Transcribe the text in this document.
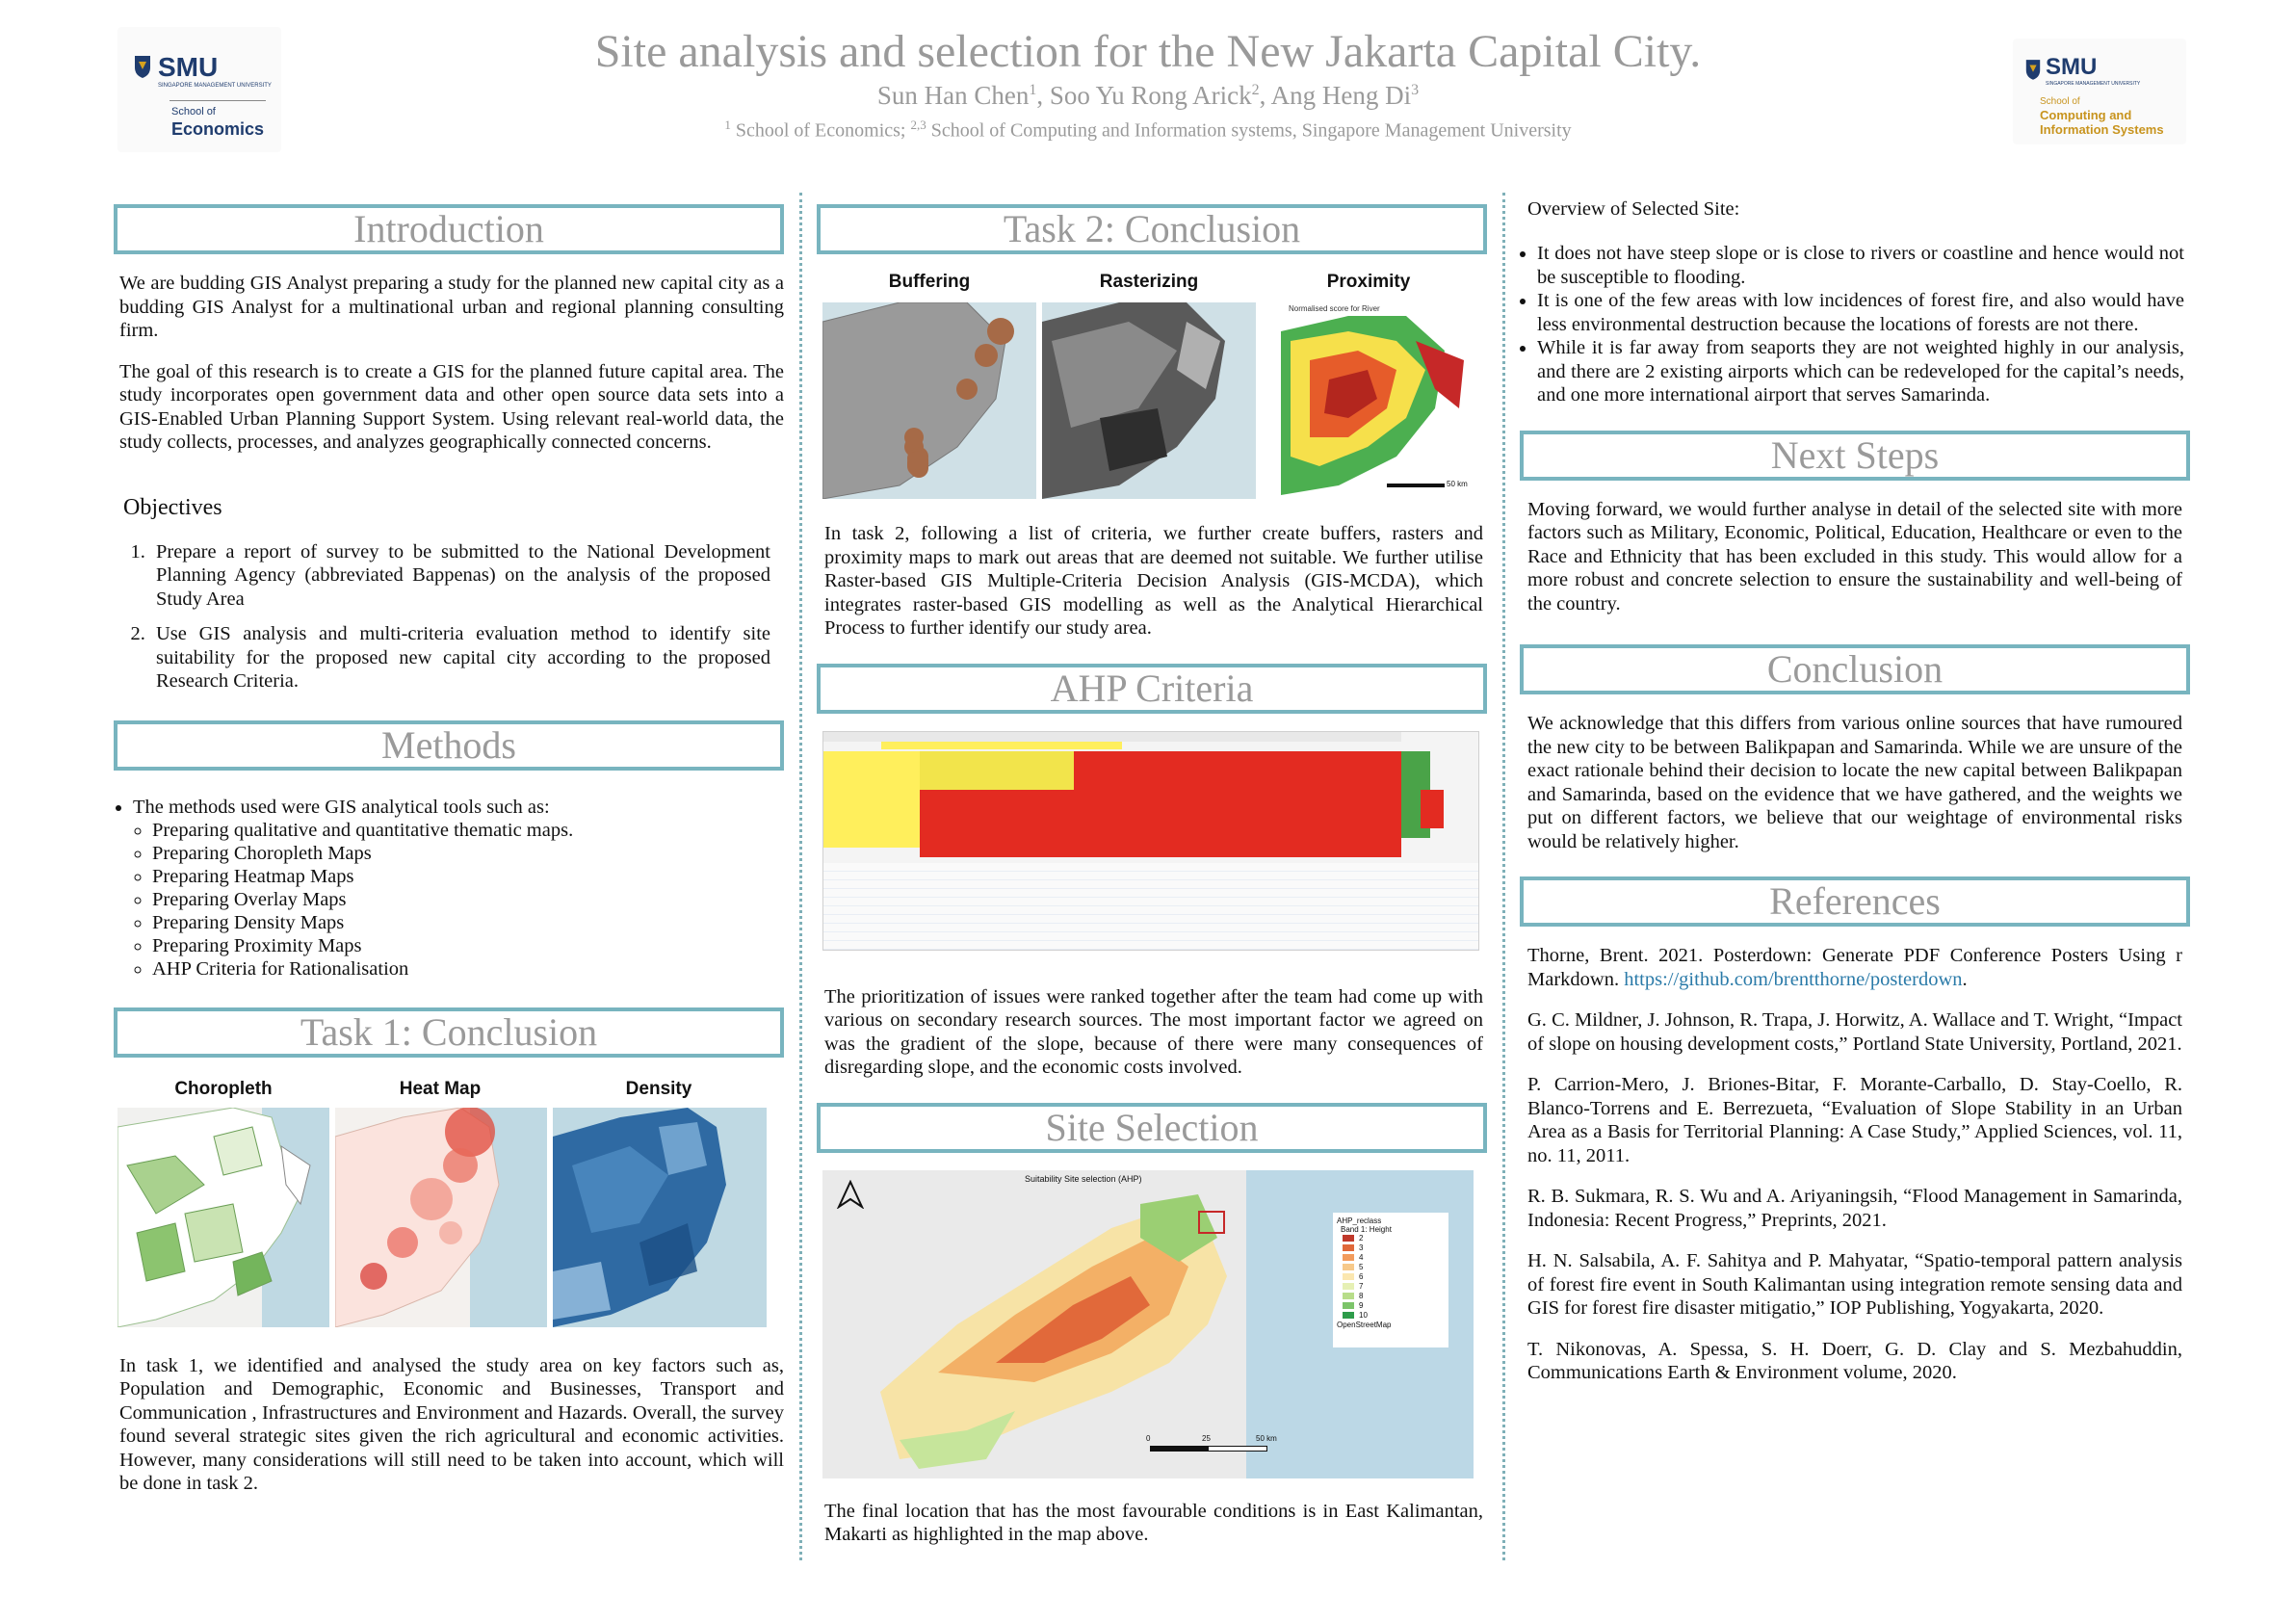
SMU
SINGAPORE MANAGEMENT UNIVERSITY
School of
Economics
Site analysis and selection for the New Jakarta Capital City.
Sun Han Chen$^1$, Soo Yu Rong Arick$^2$, Ang Heng Di$^3$
$^1$ School of Economics; $^{2,3}$ School of Computing and Information systems, Singapore Management University
SMU
SINGAPORE MANAGEMENT UNIVERSITY
School of
Computing and
Information Systems
Introduction

We are budding GIS Analyst preparing a study for the planned new capital city as a budding GIS Analyst for a multinational urban and regional planning consulting firm.

The goal of this research is to create a GIS for the planned future capital area. The study incorporates open government data and other open source data sets into a GIS-Enabled Urban Planning Support System. Using relevant real-world data, the study collects, processes, and analyzes geographically connected concerns.

Objectives
1. Prepare a report of survey to be submitted to the National Development Planning Agency (abbreviated Bappenas) on the analysis of the proposed Study Area
2. Use GIS analysis and multi-criteria evaluation method to identify site suitability for the proposed new capital city according to the proposed Research Criteria.
Methods
• The methods used were GIS analytical tools such as:
◦ Preparing qualitative and quantitative thematic maps.
◦ Preparing Choropleth Maps
◦ Preparing Heatmap Maps
◦ Preparing Overlay Maps
◦ Preparing Density Maps
◦ Preparing Proximity Maps
◦ AHP Criteria for Rationalisation
Task 1: Conclusion
Choropleth	Heat Map	Density

In task 1, we identified and analysed the study area on key factors such as, Population and Demographic, Economic and Businesses, Transport and Communication , Infrastructures and Environment and Hazards. Overall, the survey found several strategic sites given the rich agricultural and economic activities. However, many considerations will still need to be taken into account, which will be done in task 2.

Task 2: Conclusion
Buffering	Rasterizing	Proximity
Normalised score for River
50 km

In task 2, following a list of criteria, we further create buffers, rasters and proximity maps to mark out areas that are deemed not suitable. We further utilise Raster-based GIS Multiple-Criteria Decision Analysis (GIS-MCDA), which integrates raster-based GIS modelling as well as the Analytical Hierarchical Process to further identify our study area.

AHP Criteria

The prioritization of issues were ranked together after the team had come up with various on secondary research sources. The most important factor we agreed on was the gradient of the slope, because of there were many consequences of disregarding slope, and the economic costs involved.

Site Selection
Suitability Site selection (AHP)
AHP_reclass
Band 1: Height
2
3
4
5
6
7
8
9
10
OpenStreetMap
0	25	50 km

The final location that has the most favourable conditions is in East Kalimantan, Makarti as highlighted in the map above.

Overview of Selected Site:
• It does not have steep slope or is close to rivers or coastline and hence would not be susceptible to flooding.
• It is one of the few areas with low incidences of forest fire, and also would have less environmental destruction because the locations of forests are not there.
• While it is far away from seaports they are not weighted highly in our analysis, and there are 2 existing airports which can be redeveloped for the capital’s needs, and one more international airport that serves Samarinda.
Next Steps

Moving forward, we would further analyse in detail of the selected site with more factors such as Military, Economic, Political, Education, Healthcare or even to the Race and Ethnicity that has been excluded in this study. This would allow for a more robust and concrete selection to ensure the sustainability and well-being of the country.

Conclusion

We acknowledge that this differs from various online sources that have rumoured the new city to be between Balikpapan and Samarinda. While we are unsure of the exact rationale behind their decision to locate the new capital between Balikpapan and Samarinda, based on the evidence that we have gathered, and the weights we put on different factors, we believe that our weightage of environmental risks would be relatively higher.

References

Thorne, Brent. 2021. Posterdown: Generate PDF Conference Posters Using r Markdown. https://github.com/brentthorne/posterdown.

G. C. Mildner, J. Johnson, R. Trapa, J. Horwitz, A. Wallace and T. Wright, “Impact of slope on housing development costs,” Portland State University, Portland, 2021.

P. Carrion-Mero, J. Briones-Bitar, F. Morante-Carballo, D. Stay-Coello, R. Blanco-Torrens and E. Berrezueta, “Evaluation of Slope Stability in an Urban Area as a Basis for Territorial Planning: A Case Study,” Applied Sciences, vol. 11, no. 11, 2011.

R. B. Sukmara, R. S. Wu and A. Ariyaningsih, “Flood Management in Samarinda, Indonesia: Recent Progress,” Preprints, 2021.

H. N. Salsabila, A. F. Sahitya and P. Mahyatar, “Spatio-temporal pattern analysis of forest fire event in South Kalimantan using integration remote sensing data and GIS for forest fire disaster mitigatio,” IOP Publishing, Yogyakarta, 2020.

T. Nikonovas, A. Spessa, S. H. Doerr, G. D. Clay and S. Mezbahuddin, Communications Earth & Environment volume, 2020.
